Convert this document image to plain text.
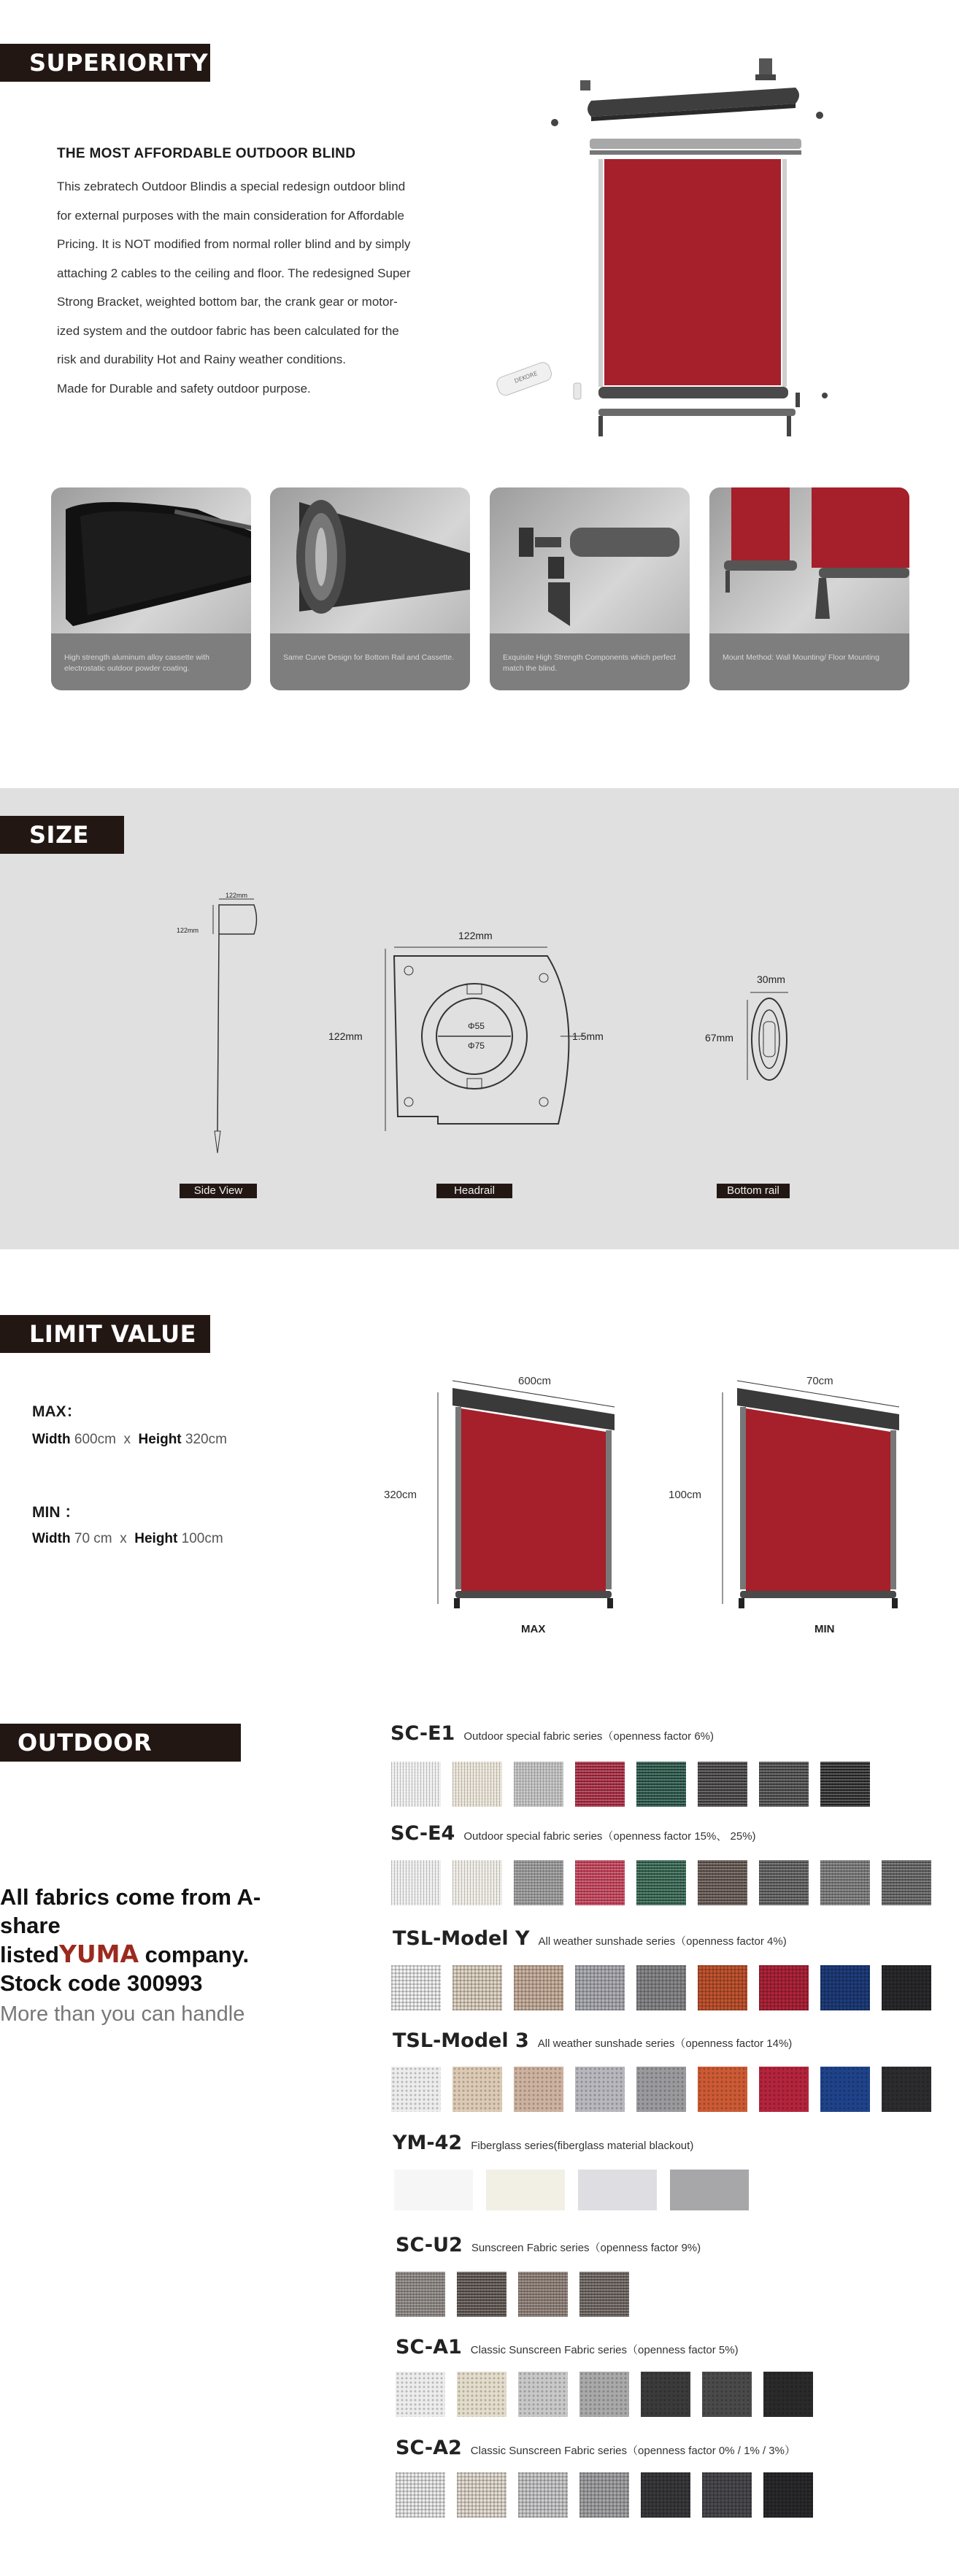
SUPERIORITY
THE MOST AFFORDABLE OUTDOOR BLIND
This zebratech Outdoor Blindis a special redesign outdoor blind
for external purposes with the main consideration for Affordable
Pricing. It is NOT modified from normal roller blind and by simply
attaching 2 cables to the ceiling and floor. The redesigned Super
Strong Bracket, weighted bottom bar, the crank gear or motor-
ized system and the outdoor fabric has been calculated for the
risk and durability Hot and Rainy weather conditions.
Made for Durable and safety outdoor purpose.
DEKORE
High strength aluminum alloy cassette with electrostatic outdoor powder coating.
Same Curve Design for Bottom Rail and Cassette.	Exquisite High Strength Components which perfect match the blind.
Mount Method: Wall Mounting/ Floor Mounting
SIZE
122mm
122mm
Side View
122mm
122mm	1.5mm
Φ55
Φ75
Headrail
30mm
67mm
Bottom rail
LIMIT VALUE
MAX：
Width 600cm x Height 320cm
MIN ：
Width 70 cm x Height 100cm
600cm
320cm
MAX
70cm
100cm
MIN
OUTDOOR FABRIC
All fabrics come from A-share
listedYUMA company.
Stock code 300993
More than you can handle
SC-E1 Outdoor special fabric series（openness factor 6%)
SC-E4 Outdoor special fabric series（openness factor 15%、 25%)
TSL-Model Y All weather sunshade series（openness factor 4%)
TSL-Model 3 All weather sunshade series（openness factor 14%)
YM-42 Fiberglass series(fiberglass material blackout)
SC-U2 Sunscreen Fabric series（openness factor 9%)
SC-A1 Classic Sunscreen Fabric series（openness factor 5%)
SC-A2 Classic Sunscreen Fabric series（openness factor 0% / 1% / 3%）
